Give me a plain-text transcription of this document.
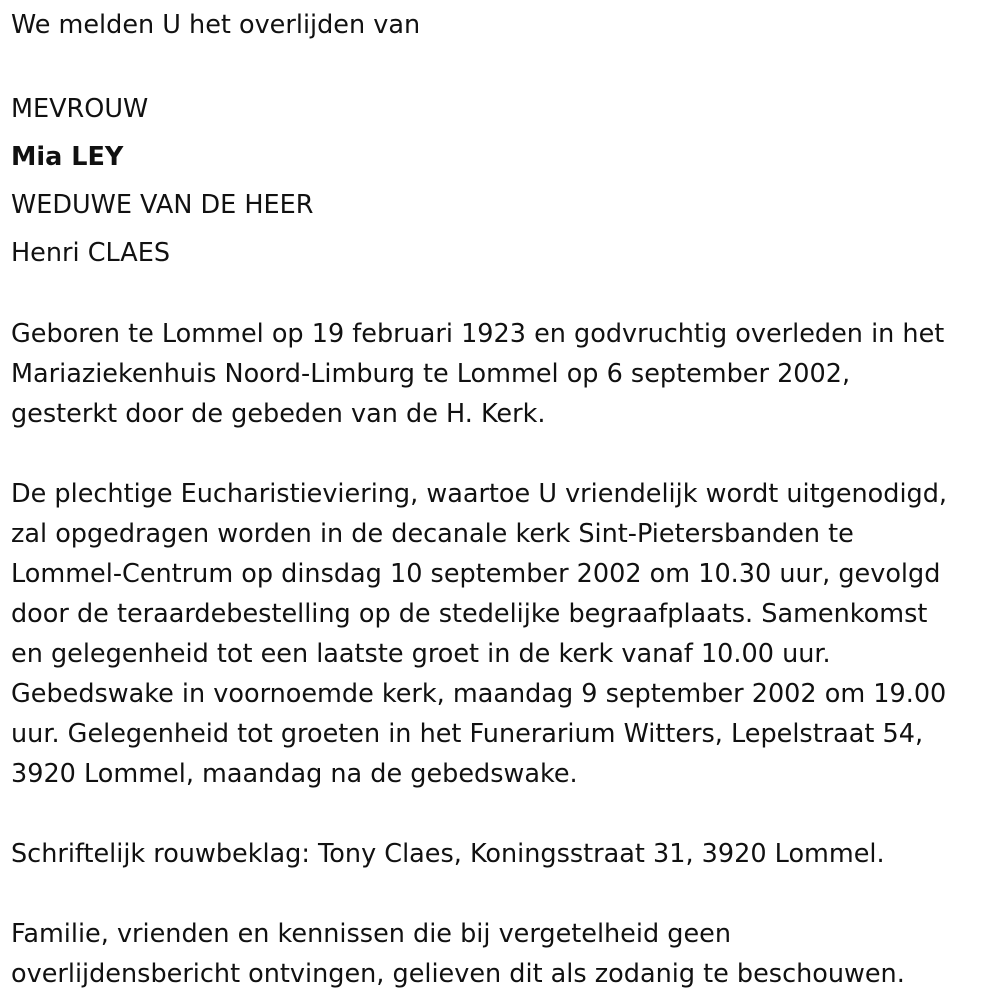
We melden U het overlijden van
MEVROUW
Mia LEY
WEDUWE VAN DE HEER
Henri CLAES
Geboren te Lommel op 19 februari 1923 en godvruchtig overleden in het
Mariaziekenhuis Noord-Limburg te Lommel op 6 september 2002,
gesterkt door de gebeden van de H. Kerk.
De plechtige Eucharistieviering, waartoe U vriendelijk wordt uitgenodigd,
zal opgedragen worden in de decanale kerk Sint-Pietersbanden te
Lommel-Centrum op dinsdag 10 september 2002 om 10.30 uur, gevolgd
door de teraardebestelling op de stedelijke begraafplaats. Samenkomst
en gelegenheid tot een laatste groet in de kerk vanaf 10.00 uur.
Gebedswake in voornoemde kerk, maandag 9 september 2002 om 19.00
uur. Gelegenheid tot groeten in het Funerarium Witters, Lepelstraat 54,
3920 Lommel, maandag na de gebedswake.
Schriftelijk rouwbeklag: Tony Claes, Koningsstraat 31, 3920 Lommel.
Familie, vrienden en kennissen die bij vergetelheid geen
overlijdensbericht ontvingen, gelieven dit als zodanig te beschouwen.
